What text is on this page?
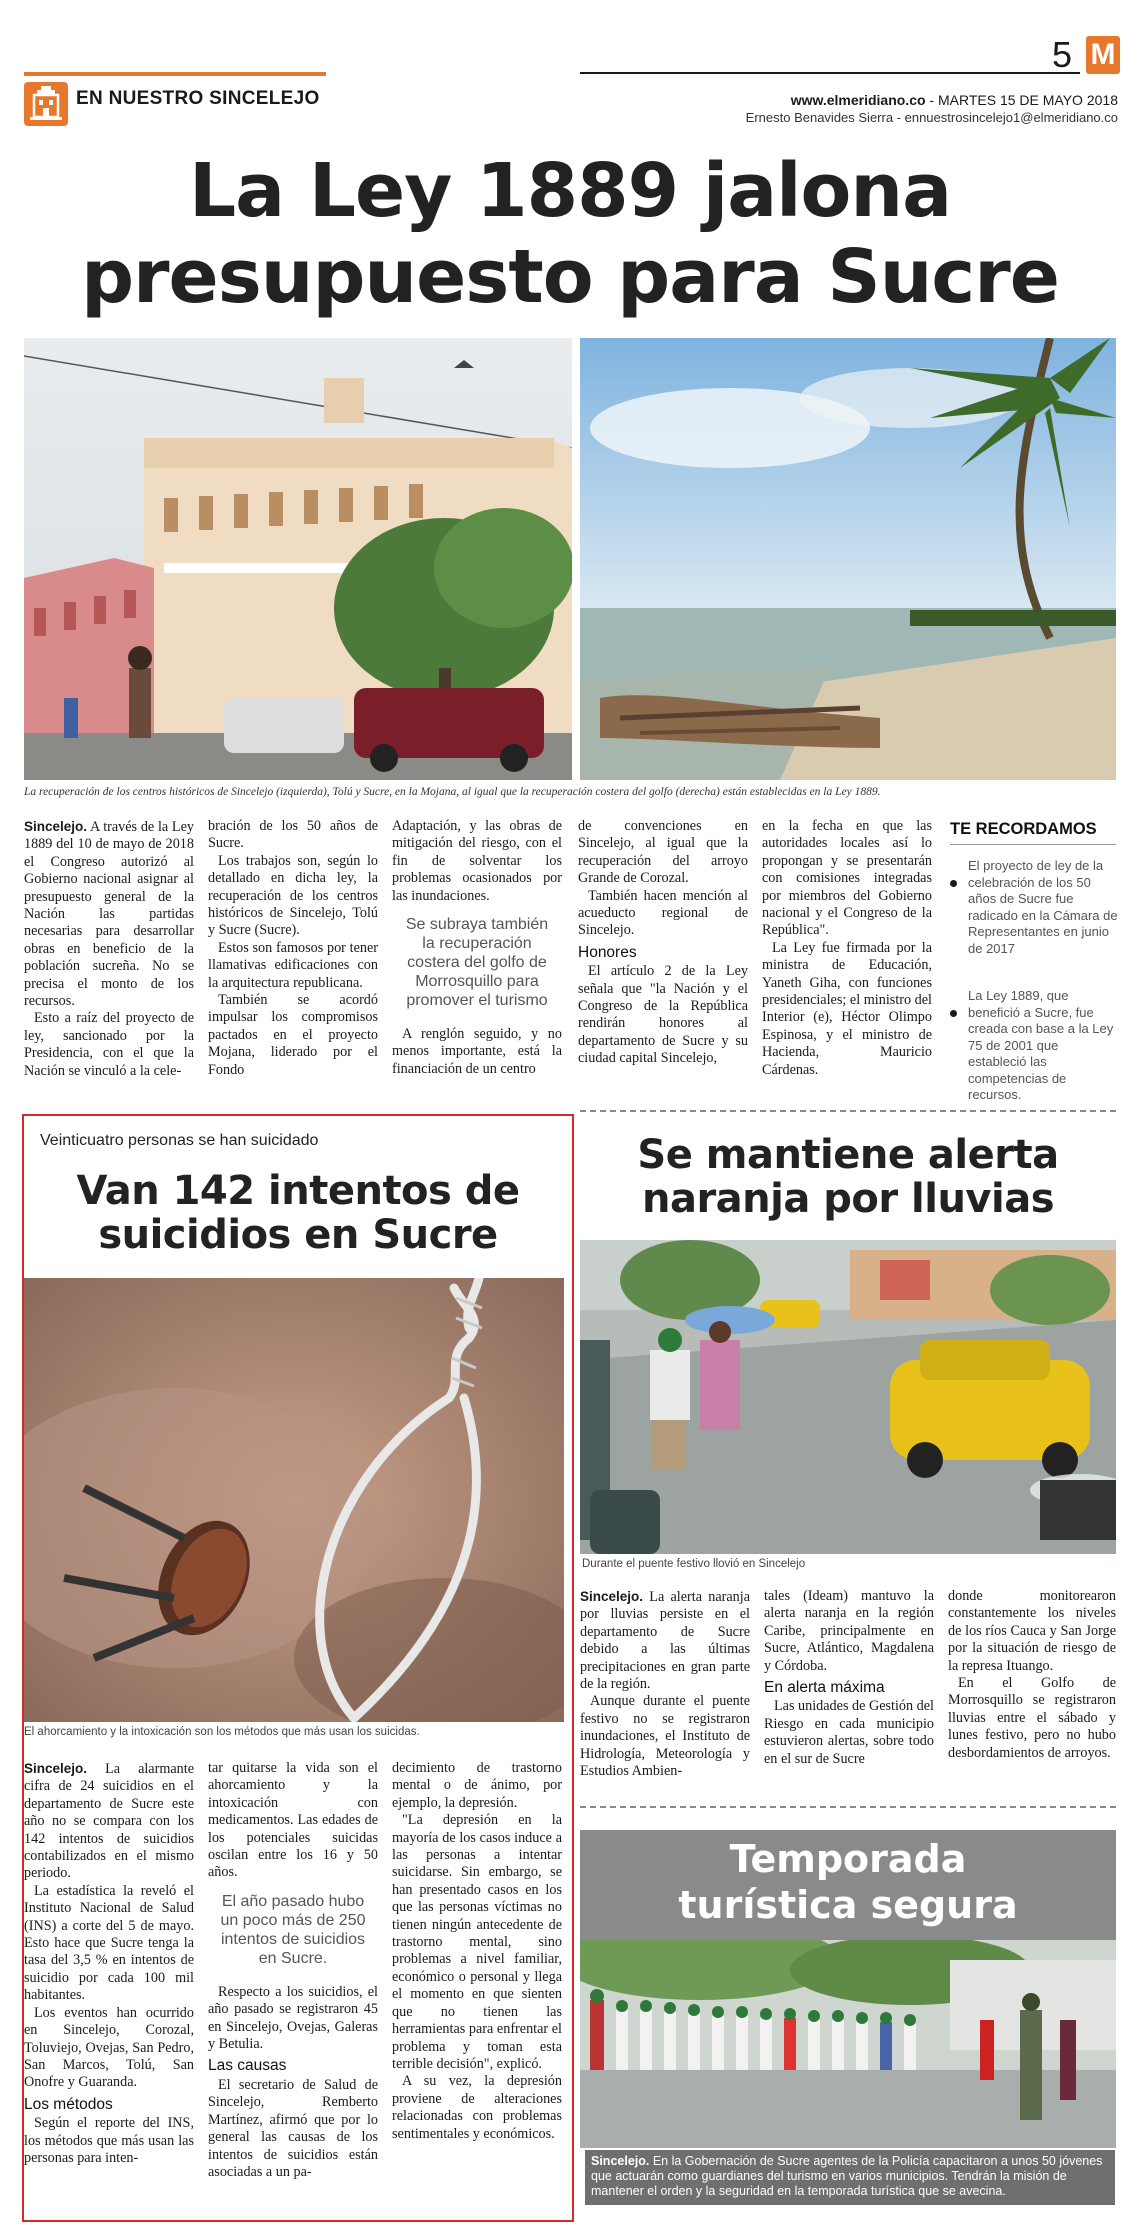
EN NUESTRO SINCELEJO
5 M
www.elmeridiano.co - MARTES 15 DE MAYO 2018
Ernesto Benavides Sierra - ennuestrosincelejo1@elmeridiano.co
La Ley 1889 jalona
presupuesto para Sucre
La recuperación de los centros históricos de Sincelejo (izquierda), Tolú y Sucre, en la Mojana, al igual que la recuperación costera del golfo (derecha) están establecidas en la Ley 1889.

Sincelejo. A través de la Ley 1889 del 10 de mayo de 2018 el Congreso autorizó al Gobierno nacional asignar al presupuesto general de la Nación las partidas necesarias para desarrollar obras en beneficio de la población sucreña. No se precisa el monto de los recursos.

Esto a raíz del proyecto de ley, sancionado por la Presidencia, con el que la Nación se vinculó a la cele-

bración de los 50 años de Sucre.

Los trabajos son, según lo detallado en dicha ley, la recuperación de los centros históricos de Sincelejo, Tolú y Sucre (Sucre).

Estos son famosos por tener llamativas edificaciones con la arquitectura republicana.

También se acordó impulsar los compromisos pactados en el proyecto Mojana, liderado por el Fondo

Adaptación, y las obras de mitigación del riesgo, con el fin de solventar los problemas ocasionados por las inundaciones.

Se subraya también la recuperación costera del golfo de Morrosquillo para promover el turismo

A renglón seguido, y no menos importante, está la financiación de un centro

de convenciones en Sincelejo, al igual que la recuperación del arroyo Grande de Corozal.

También hacen mención al acueducto regional de Sincelejo.

Honores

El artículo 2 de la Ley señala que "la Nación y el Congreso de la República rendirán honores al departamento de Sucre y su ciudad capital Sincelejo,

en la fecha en que las autoridades locales así lo propongan y se presentarán con comisiones integradas por miembros del Gobierno nacional y el Congreso de la República".

La Ley fue firmada por la ministra de Educación, Yaneth Giha, con funciones presidenciales; el ministro del Interior (e), Héctor Olimpo Espinosa, y el ministro de Hacienda, Mauricio Cárdenas.

TE RECORDAMOS
El proyecto de ley de la celebración de los 50 años de Sucre fue radicado en la Cámara de Representantes en junio de 2017
La Ley 1889, que benefició a Sucre, fue creada con base a la Ley 75 de 2001 que estableció las competencias de recursos.
Veinticuatro personas se han suicidado
Van 142 intentos de
suicidios en Sucre
El ahorcamiento y la intoxicación son los métodos que más usan los suicidas.

Sincelejo. La alarmante cifra de 24 suicidios en el departamento de Sucre este año no se compara con los 142 intentos de suicidios contabilizados en el mismo periodo.

La estadística la reveló el Instituto Nacional de Salud (INS) a corte del 5 de mayo. Esto hace que Sucre tenga la tasa del 3,5 % en intentos de suicidio por cada 100 mil habitantes.

Los eventos han ocurrido en Sincelejo, Corozal, Toluviejo, Ovejas, San Pedro, San Marcos, Tolú, San Onofre y Guaranda.

Los métodos

Según el reporte del INS, los métodos que más usan las personas para inten-

tar quitarse la vida son el ahorcamiento y la intoxicación con medicamentos. Las edades de los potenciales suicidas oscilan entre los 16 y 50 años.

El año pasado hubo un poco más de 250 intentos de suicidios en Sucre.

Respecto a los suicidios, el año pasado se registraron 45 en Sincelejo, Ovejas, Galeras y Betulia.

Las causas

El secretario de Salud de Sincelejo, Remberto Martínez, afirmó que por lo general las causas de los intentos de suicidios están asociadas a un pa-

decimiento de trastorno mental o de ánimo, por ejemplo, la depresión.

"La depresión en la mayoría de los casos induce a las personas a intentar suicidarse. Sin embargo, se han presentado casos en los que las personas víctimas no tienen ningún antecedente de trastorno mental, sino problemas a nivel familiar, económico o personal y llega el momento en que sienten que no tienen las herramientas para enfrentar el problema y toman esta terrible decisión", explicó.

A su vez, la depresión proviene de alteraciones relacionadas con problemas sentimentales y económicos.

Se mantiene alerta
naranja por lluvias
Durante el puente festivo llovió en Sincelejo

Sincelejo. La alerta naranja por lluvias persiste en el departamento de Sucre debido a las últimas precipitaciones en gran parte de la región.

Aunque durante el puente festivo no se registraron inundaciones, el Instituto de Hidrología, Meteorología y Estudios Ambien-

tales (Ideam) mantuvo la alerta naranja en la región Caribe, principalmente en Sucre, Atlántico, Magdalena y Córdoba.

En alerta máxima

Las unidades de Gestión del Riesgo en cada municipio estuvieron alertas, sobre todo en el sur de Sucre

donde monitorearon constantemente los niveles de los ríos Cauca y San Jorge por la situación de riesgo de la represa Ituango.

En el Golfo de Morrosquillo se registraron lluvias entre el sábado y lunes festivo, pero no hubo desbordamientos de arroyos.

Temporada
turística segura
Sincelejo. En la Gobernación de Sucre agentes de la Policía capacitaron a unos 50 jóvenes que actuarán como guardianes del turismo en varios municipios. Tendrán la misión de mantener el orden y la seguridad en la temporada turística que se avecina.
